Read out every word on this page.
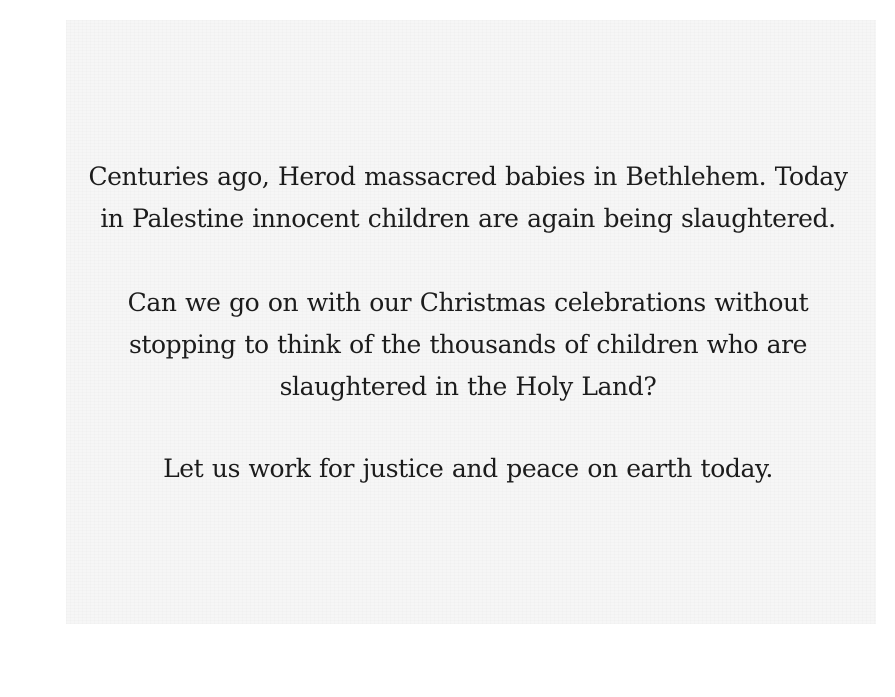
Centuries ago, Herod massacred babies in Bethlehem. Today
in Palestine innocent children are again being slaughtered.

Can we go on with our Christmas celebrations without
stopping to think of the thousands of children who are
slaughtered in the Holy Land?

Let us work for justice and peace on earth today.
